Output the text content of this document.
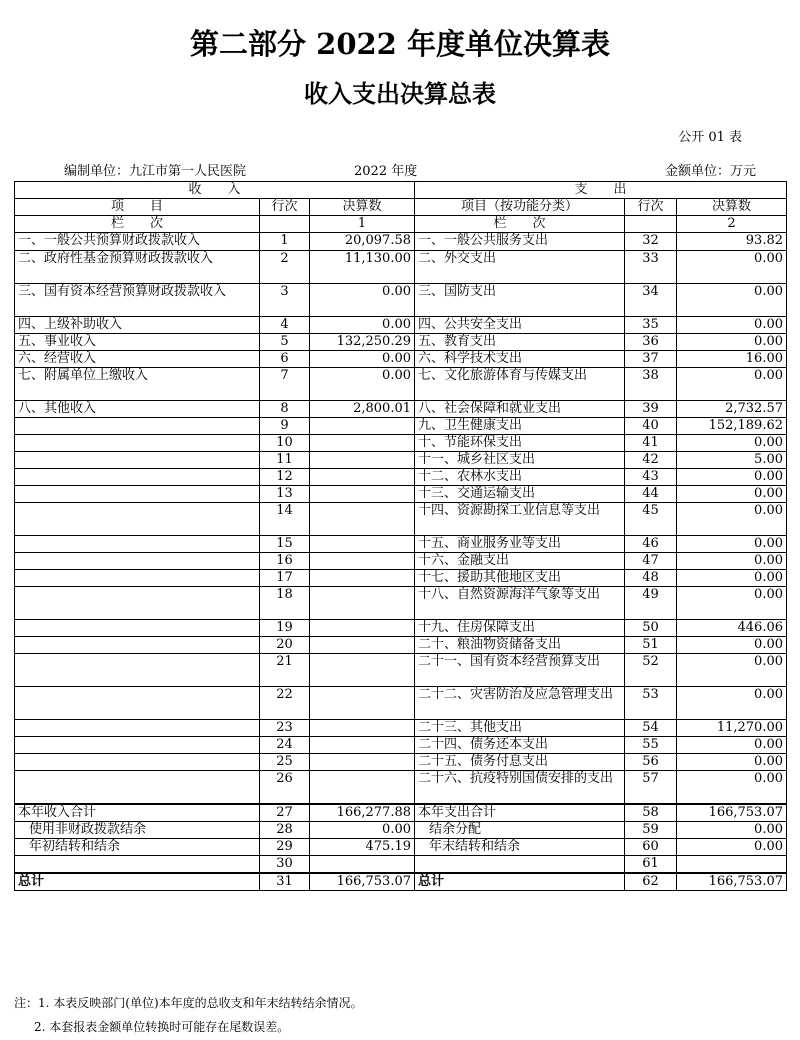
第二部分 2022 年度单位决算表
收入支出决算总表
公开 01 表
编制单位：九江市第一人民医院	2022 年度	金额单位：万元
收　　入			支　　出		
项　　目	行次	决算数	项目（按功能分类）	行次	决算数
栏　　次		1	栏　　次		2
一、一般公共预算财政拨款收入	1	20,097.58	一、一般公共服务支出	32	93.82
二、政府性基金预算财政拨款收入	2	11,130.00	二、外交支出	33	0.00
三、国有资本经营预算财政拨款收入	3	0.00	三、国防支出	34	0.00
四、上级补助收入	4	0.00	四、公共安全支出	35	0.00
五、事业收入	5	132,250.29	五、教育支出	36	0.00
六、经营收入	6	0.00	六、科学技术支出	37	16.00
七、附属单位上缴收入	7	0.00	七、文化旅游体育与传媒支出	38	0.00
八、其他收入	8	2,800.01	八、社会保障和就业支出	39	2,732.57
	9		九、卫生健康支出	40	152,189.62
	10		十、节能环保支出	41	0.00
	11		十一、城乡社区支出	42	5.00
	12		十二、农林水支出	43	0.00
	13		十三、交通运输支出	44	0.00
	14		十四、资源勘探工业信息等支出	45	0.00
	15		十五、商业服务业等支出	46	0.00
	16		十六、金融支出	47	0.00
	17		十七、援助其他地区支出	48	0.00
	18		十八、自然资源海洋气象等支出	49	0.00
	19		十九、住房保障支出	50	446.06
	20		二十、粮油物资储备支出	51	0.00
	21		二十一、国有资本经营预算支出	52	0.00
	22		二十二、灾害防治及应急管理支出	53	0.00
	23		二十三、其他支出	54	11,270.00
	24		二十四、债务还本支出	55	0.00
	25		二十五、债务付息支出	56	0.00
	26		二十六、抗疫特别国债安排的支出	57	0.00
本年收入合计	27	166,277.88	本年支出合计	58	166,753.07
使用非财政拨款结余	28	0.00	结余分配	59	0.00
年初结转和结余	29	475.19	年末结转和结余	60	0.00
	30			61	
总计	31	166,753.07	总计	62	166,753.07
注：1. 本表反映部门(单位)本年度的总收支和年末结转结余情况。
2. 本套报表金额单位转换时可能存在尾数误差。
